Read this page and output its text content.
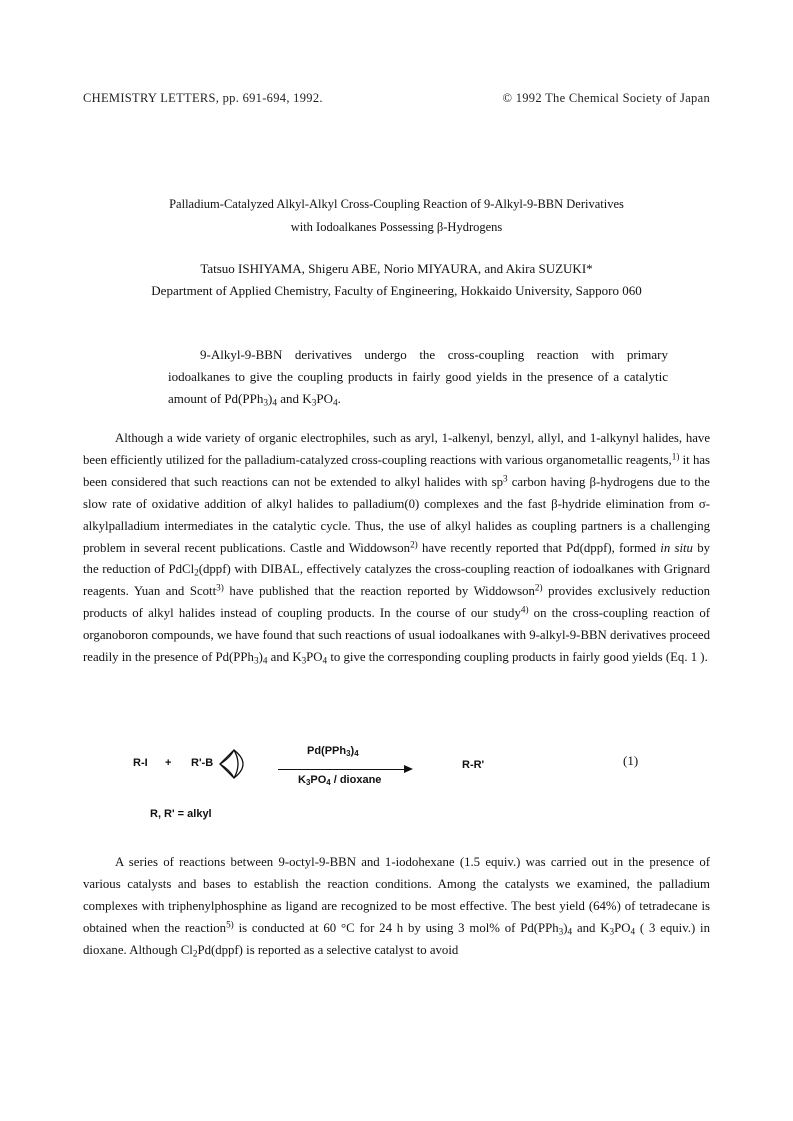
CHEMISTRY LETTERS, pp. 691-694, 1992.	© 1992 The Chemical Society of Japan
Palladium-Catalyzed Alkyl-Alkyl Cross-Coupling Reaction of 9-Alkyl-9-BBN Derivatives
with Iodoalkanes Possessing β-Hydrogens
Tatsuo ISHIYAMA, Shigeru ABE, Norio MIYAURA, and Akira SUZUKI*
Department of Applied Chemistry, Faculty of Engineering, Hokkaido University, Sapporo 060
9-Alkyl-9-BBN derivatives undergo the cross-coupling reaction with primary iodoalkanes to give the coupling products in fairly good yields in the presence of a catalytic amount of $Pd(PPh_3)_4$ and $K_3PO_4$.

Although a wide variety of organic electrophiles, such as aryl, 1-alkenyl, benzyl, allyl, and 1-alkynyl halides, have been efficiently utilized for the palladium-catalyzed cross-coupling reactions with various organometallic reagents,$^{1)}$ it has been considered that such reactions can not be extended to alkyl halides with $sp^3$ carbon having β-hydrogens due to the slow rate of oxidative addition of alkyl halides to palladium(0) complexes and the fast β-hydride elimination from σ-alkylpalladium intermediates in the catalytic cycle. Thus, the use of alkyl halides as coupling partners is a challenging problem in several recent publications. Castle and Widdowson$^{2)}$ have recently reported that Pd(dppf), formed in situ by the reduction of PdCl$_2$(dppf) with DIBAL, effectively catalyzes the cross-coupling reaction of iodoalkanes with Grignard reagents. Yuan and Scott$^{3)}$ have published that the reaction reported by Widdowson$^{2)}$ provides exclusively reduction products of alkyl halides instead of coupling products. In the course of our study$^{4)}$ on the cross-coupling reaction of organoboron compounds, we have found that such reactions of usual iodoalkanes with 9-alkyl-9-BBN derivatives proceed readily in the presence of $Pd(PPh_3)_4$ and $K_3PO_4$ to give the corresponding coupling products in fairly good yields (Eq. 1 ).

R-I + R'-B
$Pd(PPh_3)_4$
$K_3PO_4$ / dioxane
R-R'	(1)
R, R' = alkyl

A series of reactions between 9-octyl-9-BBN and 1-iodohexane (1.5 equiv.) was carried out in the presence of various catalysts and bases to establish the reaction conditions. Among the catalysts we examined, the palladium complexes with triphenylphosphine as ligand are recognized to be most effective. The best yield (64%) of tetradecane is obtained when the reaction$^{5)}$ is conducted at 60 °C for 24 h by using 3 mol% of $Pd(PPh_3)_4$ and $K_3PO_4$ ( 3 equiv.) in dioxane. Although $Cl_2Pd(dppf)$ is reported as a selective catalyst to avoid
